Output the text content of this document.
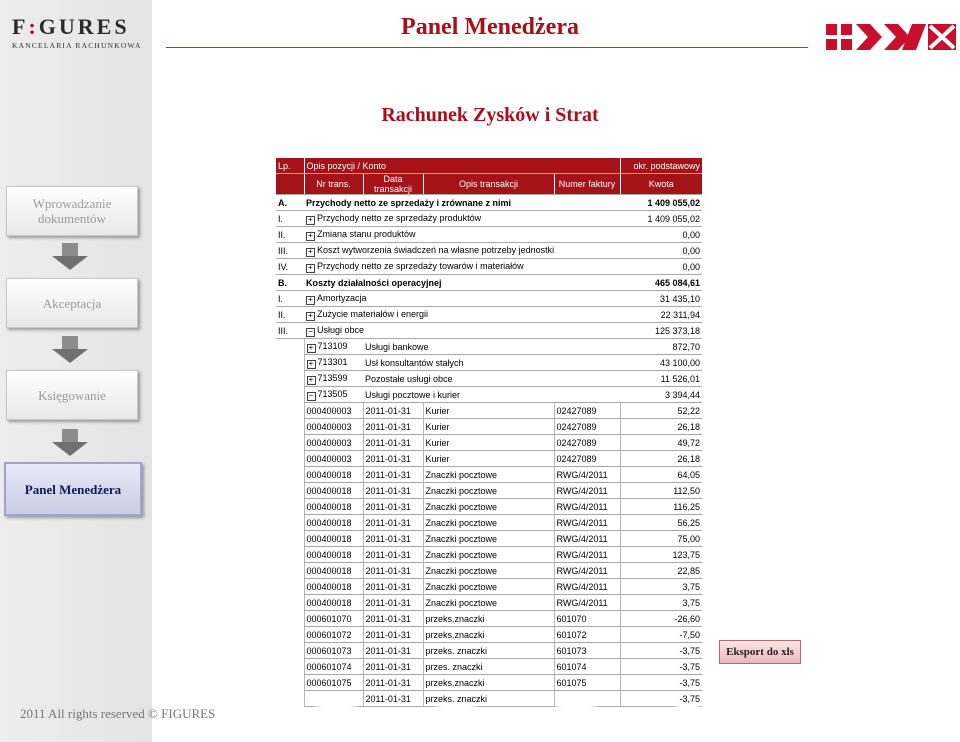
F:GURES
KANCELARIA RACHUNKOWA
Wprowadzanie dokumentów
Akceptacja
Księgowanie
Panel Menedżera
Panel Menedżera
Rachunek Zysków i Strat
Lp.	Opis pozycji / Konto				okr. podstawowy
	Nr trans.	Data transakcji	Opis transakcji	Numer faktury	Kwota
A.	Przychody netto ze sprzedaży i zrównane z nimi				1 409 055,02
I.	+ Przychody netto ze sprzedaży produktów				1 409 055,02
II.	+ Zmiana stanu produktów				0,00
III.	+ Koszt wytworzenia świadczeń na własne potrzeby jednostki				0,00
IV.	+ Przychody netto ze sprzedaży towarów i materiałów				0,00
B.	Koszty działalności operacyjnej				465 084,61
I.	+ Amortyzacja				31 435,10
II.	+ Zużycie materiałów i energii				22 311,94
III.	− Usługi obce				125 373,18
	+ 713109	Usługi bankowe			872,70
	+ 713301	Usł konsultantów stałych			43 100,00
	+ 713599	Pozostałe usługi obce			11 526,01
	− 713505	Usługi pocztowe i kurier			3 394,44
	000400003	2011-01-31	Kurier	02427089	52,22
	000400003	2011-01-31	Kurier	02427089	26,18
	000400003	2011-01-31	Kurier	02427089	49,72
	000400003	2011-01-31	Kurier	02427089	26,18
	000400018	2011-01-31	Znaczki pocztowe	RWG/4/2011	64,05
	000400018	2011-01-31	Znaczki pocztowe	RWG/4/2011	112,50
	000400018	2011-01-31	Znaczki pocztowe	RWG/4/2011	116,25
	000400018	2011-01-31	Znaczki pocztowe	RWG/4/2011	56,25
	000400018	2011-01-31	Znaczki pocztowe	RWG/4/2011	75,00
	000400018	2011-01-31	Znaczki pocztowe	RWG/4/2011	123,75
	000400018	2011-01-31	Znaczki pocztowe	RWG/4/2011	22,85
	000400018	2011-01-31	Znaczki pocztowe	RWG/4/2011	3,75
	000400018	2011-01-31	Znaczki pocztowe	RWG/4/2011	3,75
	000601070	2011-01-31	przeks.znaczki	601070	-26,60
	000601072	2011-01-31	przeks.znaczki	601072	-7,50
	000601073	2011-01-31	przeks. znaczki	601073	-3,75
	000601074	2011-01-31	przes. znaczki	601074	-3,75
	000601075	2011-01-31	przeks.znaczki	601075	-3,75
		2011-01-31	przeks. znaczki		-3,75
Eksport do xls
2011 All rights reserved © FIGURES
